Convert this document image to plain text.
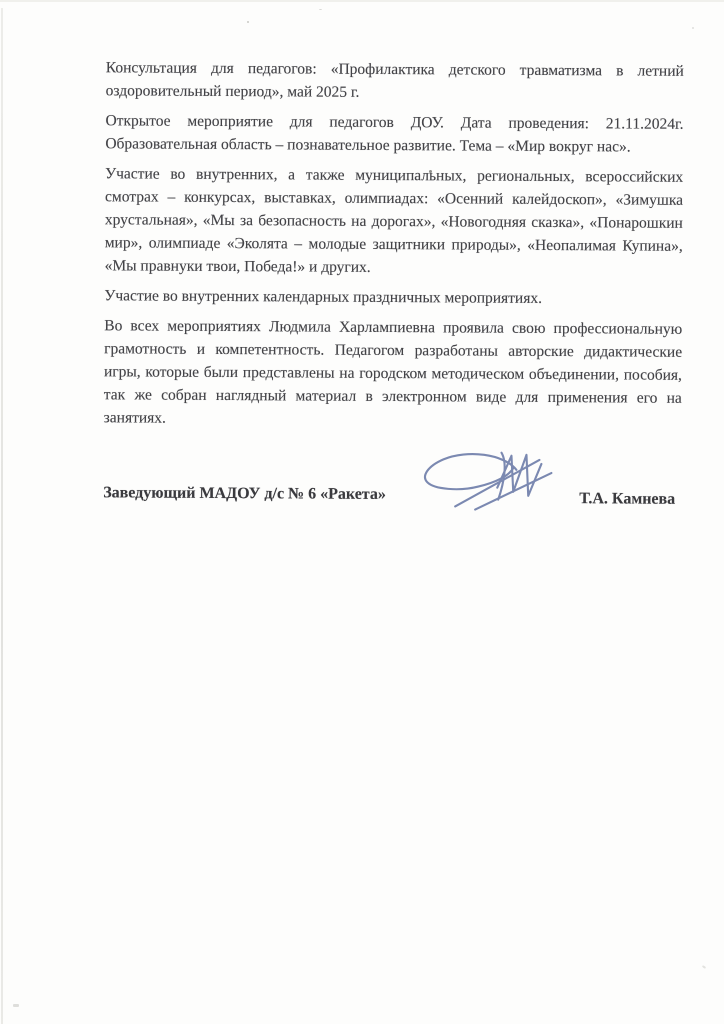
Консультация для педагогов: «Профилактика детского травматизма в летний оздоровительный период», май 2025 г.

Открытое мероприятие для педагогов ДОУ. Дата проведения: 21.11.2024г. Образовательная область – познавательное развитие. Тема – «Мир вокруг нас».

Участие во внутренних, а также муниципальных, региональных, всероссийских смотрах – конкурсах, выставках, олимпиадах: «Осенний калейдоскоп», «Зимушка хрустальная», «Мы за безопасность на дорогах», «Новогодняя сказка», «Понарошкин мир», олимпиаде «Эколята – молодые защитники природы», «Неопалимая Купина», «Мы правнуки твои, Победа!» и других.

Участие во внутренних календарных праздничных мероприятиях.

Во всех мероприятиях Людмила Харлампиевна проявила свою профессиональную грамотность и компетентность. Педагогом разработаны авторские дидактические игры, которые были представлены на городском методическом объединении, пособия, так же собран наглядный материал в электронном виде для применения его на занятиях.

Заведующий МАДОУ д/с № 6 «Ракета»	Т.А. Камнева
